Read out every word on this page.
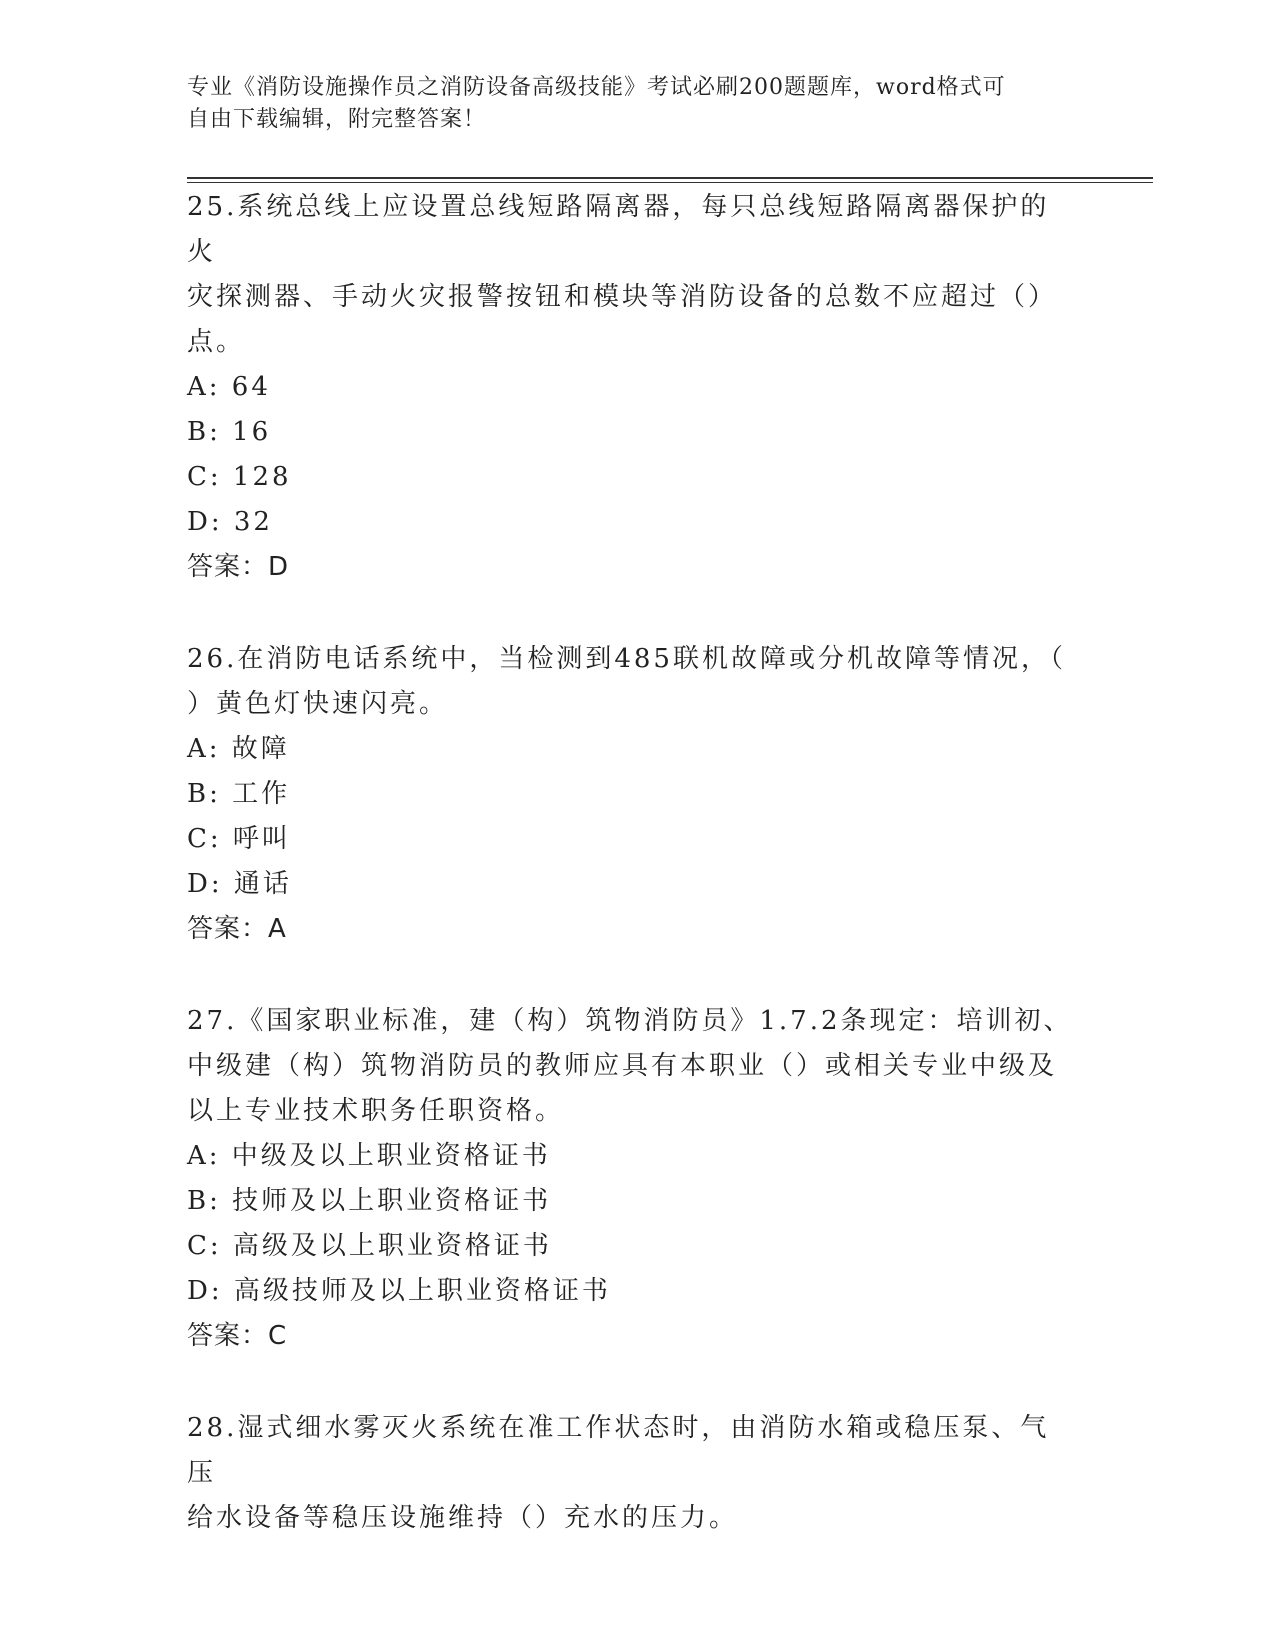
专业《消防设施操作员之消防设备高级技能》考试必刷200题题库，word格式可
自由下载编辑，附完整答案！

25.系统总线上应设置总线短路隔离器，每只总线短路隔离器保护的火

灾探测器、手动火灾报警按钮和模块等消防设备的总数不应超过（）

点。

A: 64

B: 16

C: 128

D: 32

答案：D

26.在消防电话系统中，当检测到485联机故障或分机故障等情况，（

）黄色灯快速闪亮。

A: 故障

B: 工作

C: 呼叫

D: 通话

答案：A

27.《国家职业标准，建（构）筑物消防员》1.7.2条现定：培训初、

中级建（构）筑物消防员的教师应具有本职业（）或相关专业中级及

以上专业技术职务任职资格。

A: 中级及以上职业资格证书

B: 技师及以上职业资格证书

C: 高级及以上职业资格证书

D: 高级技师及以上职业资格证书

答案：C

28.湿式细水雾灭火系统在准工作状态时，由消防水箱或稳压泵、气压

给水设备等稳压设施维持（）充水的压力。
